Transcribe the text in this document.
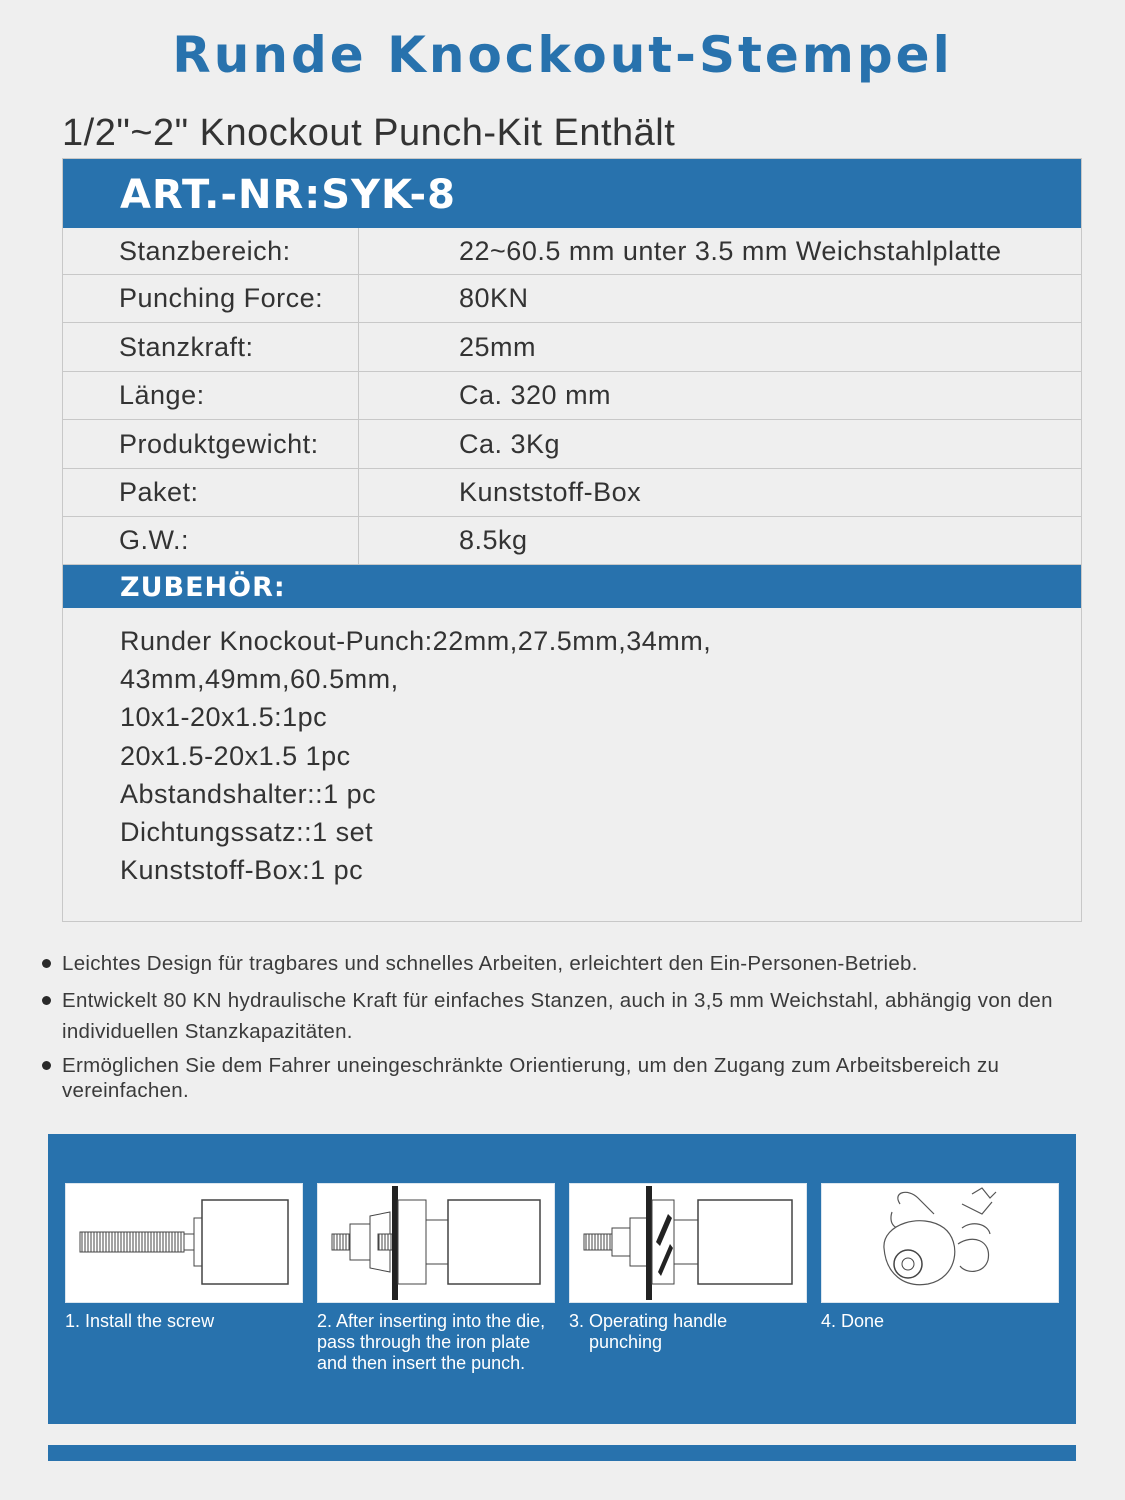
Runde Knockout-Stempel
1/2"~2" Knockout Punch-Kit Enthält
ART.-NR:SYK-8
Stanzbereich:	22~60.5 mm unter 3.5 mm Weichstahlplatte
Punching Force:	80KN
Stanzkraft:	25mm
Länge:	Ca. 320 mm
Produktgewicht:	Ca. 3Kg
Paket:	Kunststoff-Box
G.W.:	8.5kg
ZUBEHÖR:
Runder Knockout-Punch:22mm,27.5mm,34mm,
43mm,49mm,60.5mm,
10x1-20x1.5:1pc
20x1.5-20x1.5 1pc
Abstandshalter::1 pc
Dichtungssatz::1 set
Kunststoff-Box:1 pc
Leichtes Design für tragbares und schnelles Arbeiten, erleichtert den Ein-Personen-Betrieb.
Entwickelt 80 KN hydraulische Kraft für einfaches Stanzen, auch in 3,5 mm Weichstahl, abhängig von den individuellen Stanzkapazitäten.
Ermöglichen Sie dem Fahrer uneingeschränkte Orientierung, um den Zugang zum Arbeitsbereich zu vereinfachen.
1. Install the screw	2. After inserting into the die, pass through the iron plate and then insert the punch.
3. Operating handle
punching
4. Done
